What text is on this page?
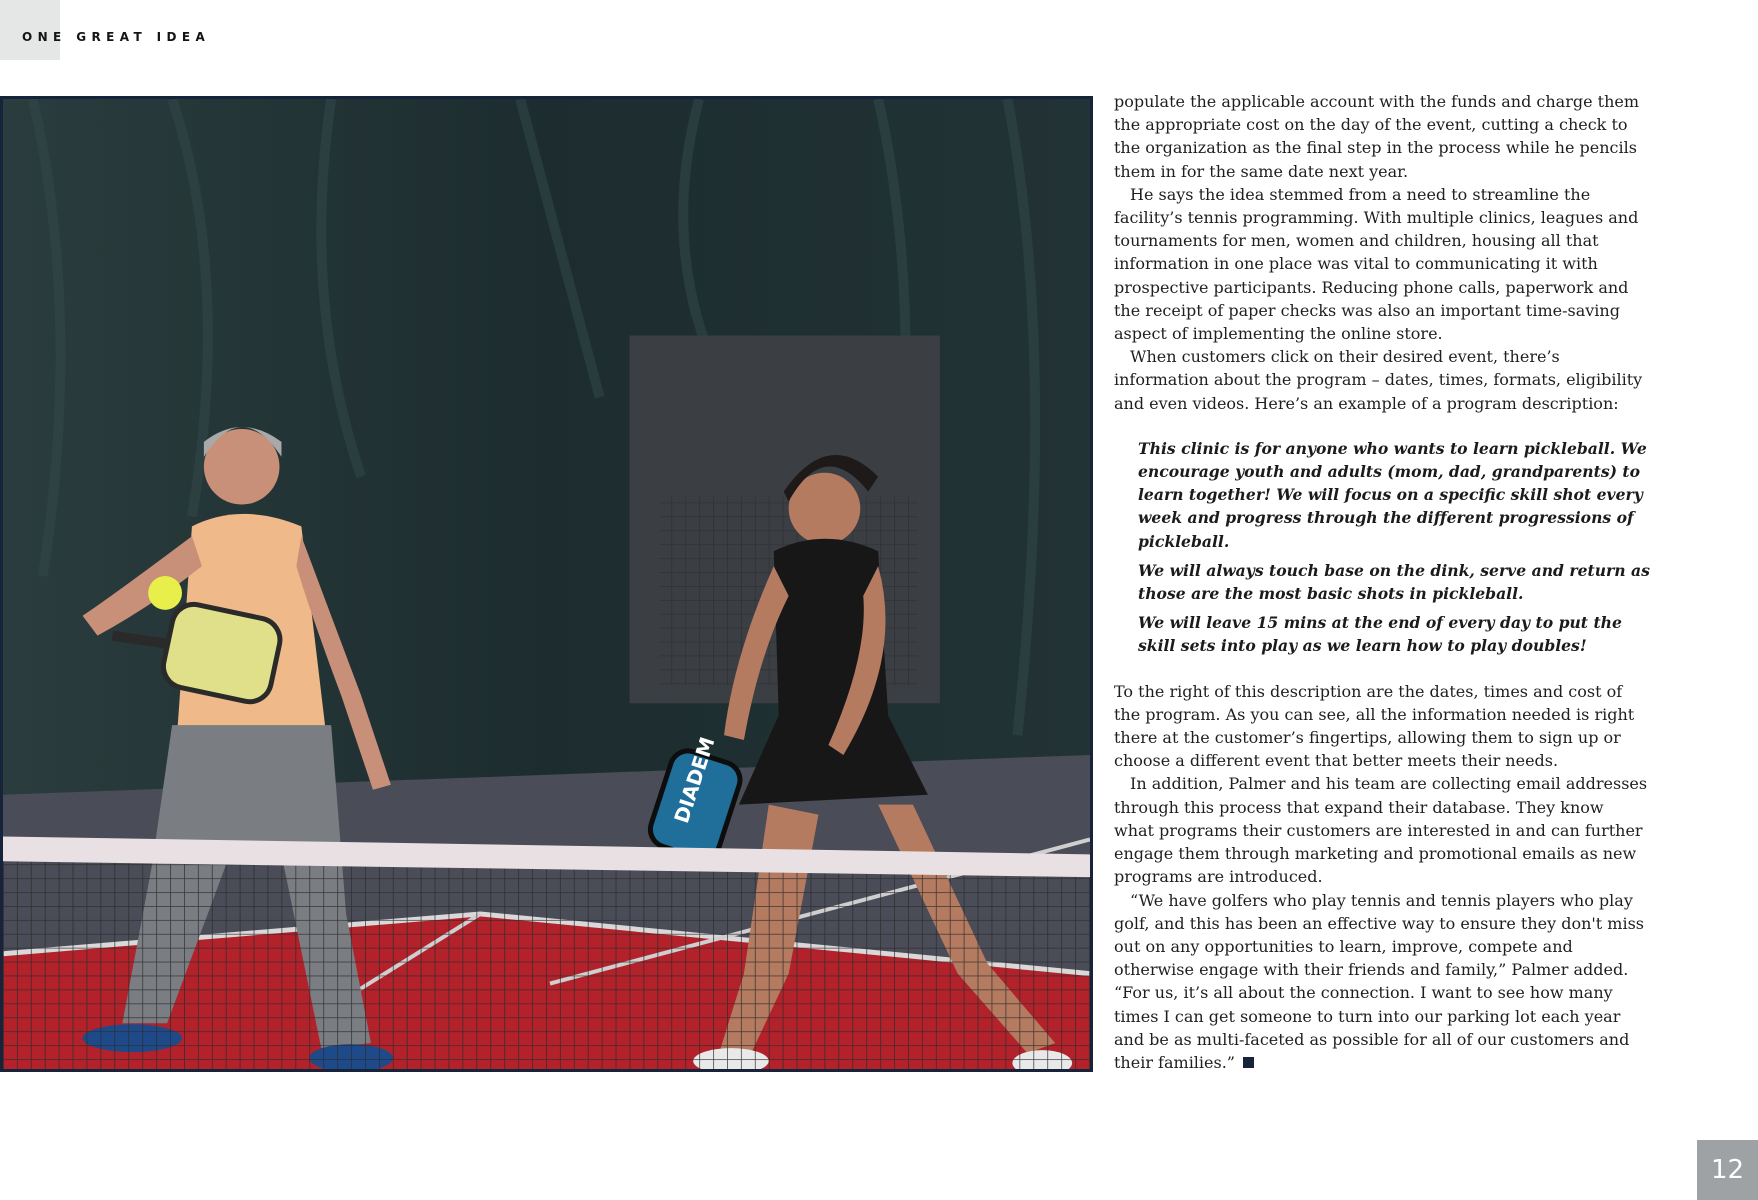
ONE GREAT IDEA
DIADEM

populate the applicable account with the funds and charge them the appropriate cost on the day of the event, cutting a check to the organization as the final step in the process while he pencils them in for the same date next year.

He says the idea stemmed from a need to streamline the facility’s tennis programming. With multiple clinics, leagues and tournaments for men, women and children, housing all that information in one place was vital to communicating it with prospective participants. Reducing phone calls, paperwork and the receipt of paper checks was also an important time-saving aspect of implementing the online store.

When customers click on their desired event, there’s information about the program – dates, times, formats, eligibility and even videos. Here’s an example of a program description:

This clinic is for anyone who wants to learn pickleball. We encourage youth and adults (mom, dad, grandparents) to learn together! We will focus on a specific skill shot every week and progress through the different progressions of pickleball.

We will always touch base on the dink, serve and return as those are the most basic shots in pickleball.

We will leave 15 mins at the end of every day to put the skill sets into play as we learn how to play doubles!

To the right of this description are the dates, times and cost of the program. As you can see, all the information needed is right there at the customer’s fingertips, allowing them to sign up or choose a different event that better meets their needs.

In addition, Palmer and his team are collecting email addresses through this process that expand their database. They know what programs their customers are interested in and can further engage them through marketing and promotional emails as new programs are introduced.

“We have golfers who play tennis and tennis players who play golf, and this has been an effective way to ensure they don't miss out on any opportunities to learn, improve, compete and otherwise engage with their friends and family,” Palmer added. “For us, it’s all about the connection. I want to see how many times I can get someone to turn into our parking lot each year and be as multi-faceted as possible for all of our customers and their families.”

12
